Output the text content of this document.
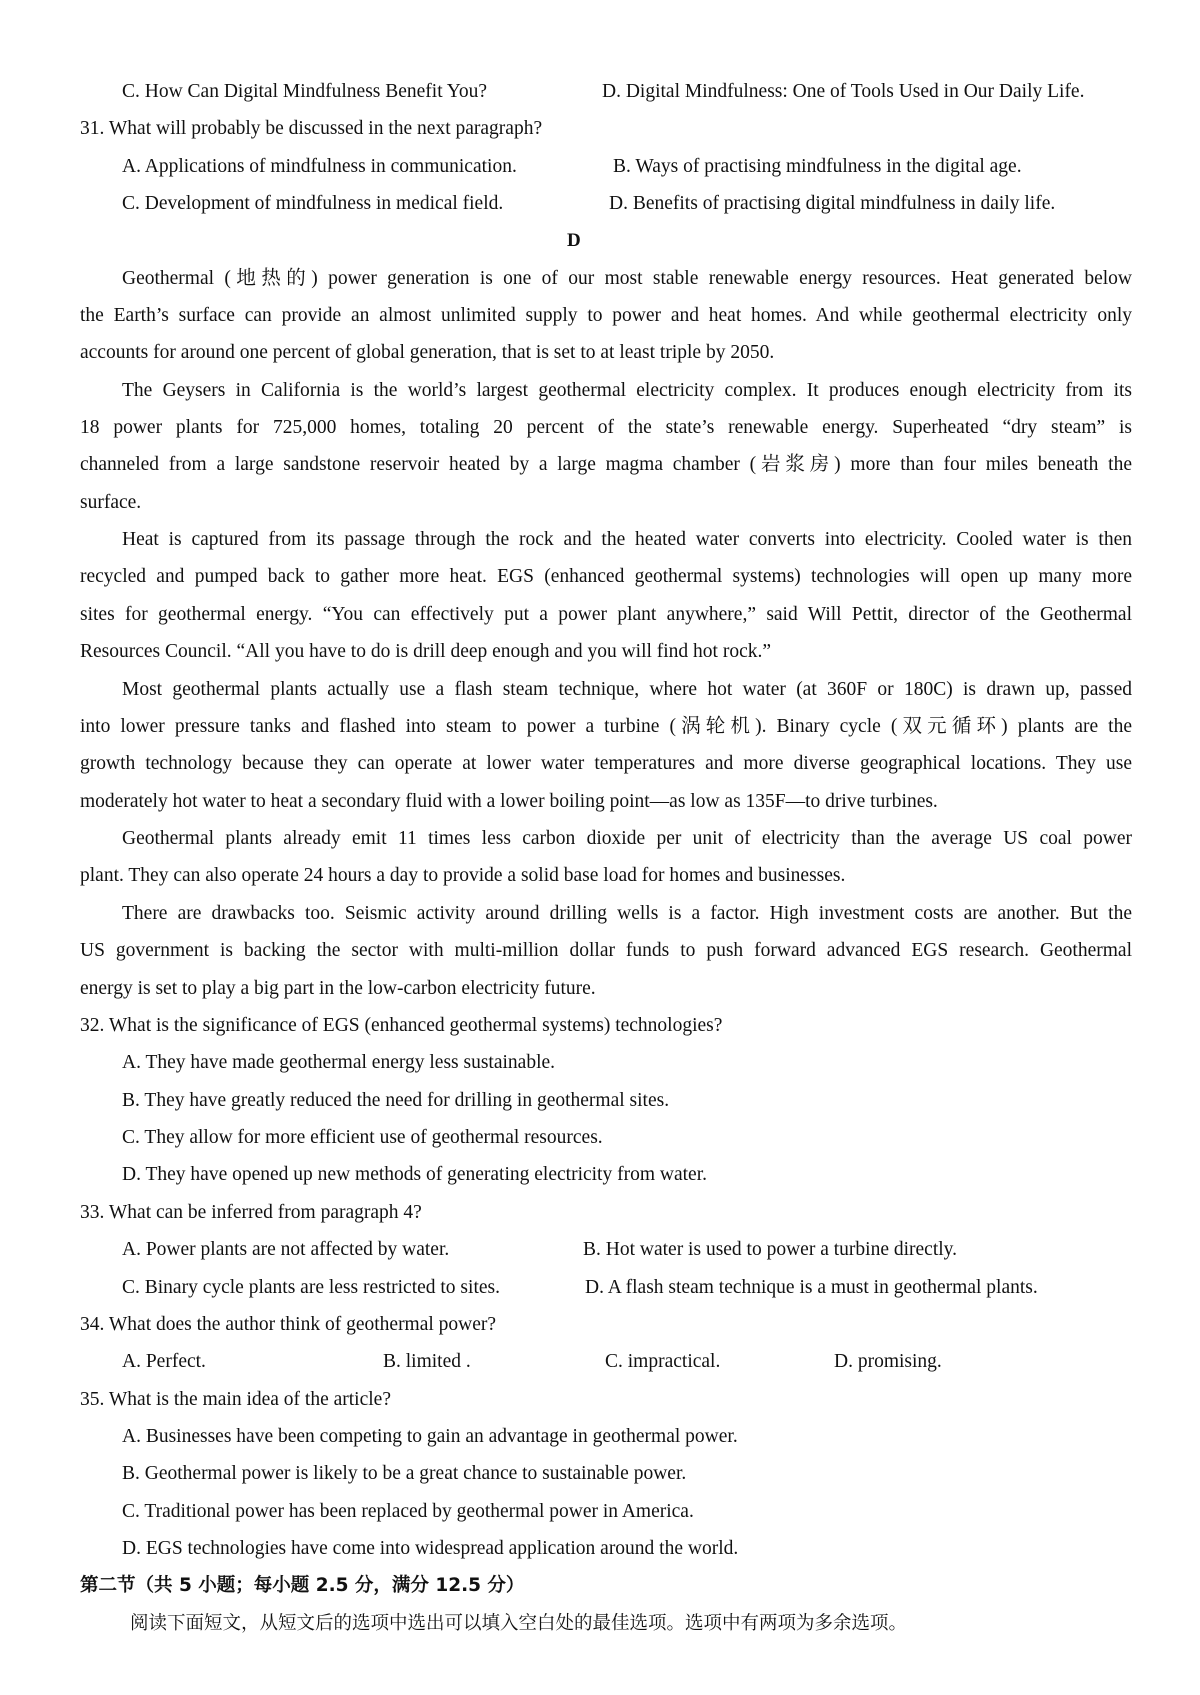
C. How Can Digital Mindfulness Benefit You?	D. Digital Mindfulness: One of Tools Used in Our Daily Life.
31. What will probably be discussed in the next paragraph?
A. Applications of mindfulness in communication.	B. Ways of practising mindfulness in the digital age.
C. Development of mindfulness in medical field.	D. Benefits of practising digital mindfulness in daily life.
D
Geothermal (地热的) power generation is one of our most stable renewable energy resources. Heat generated below
the Earth’s surface can provide an almost unlimited supply to power and heat homes. And while geothermal electricity only
accounts for around one percent of global generation, that is set to at least triple by 2050.
The Geysers in California is the world’s largest geothermal electricity complex. It produces enough electricity from its
18 power plants for 725,000 homes, totaling 20 percent of the state’s renewable energy. Superheated “dry steam” is
channeled from a large sandstone reservoir heated by a large magma chamber (岩浆房) more than four miles beneath the
surface.
Heat is captured from its passage through the rock and the heated water converts into electricity. Cooled water is then
recycled and pumped back to gather more heat. EGS (enhanced geothermal systems) technologies will open up many more
sites for geothermal energy. “You can effectively put a power plant anywhere,” said Will Pettit, director of the Geothermal
Resources Council. “All you have to do is drill deep enough and you will find hot rock.”
Most geothermal plants actually use a flash steam technique, where hot water (at 360F or 180C) is drawn up, passed
into lower pressure tanks and flashed into steam to power a turbine (涡轮机). Binary cycle (双元循环) plants are the
growth technology because they can operate at lower water temperatures and more diverse geographical locations. They use
moderately hot water to heat a secondary fluid with a lower boiling point—as low as 135F—to drive turbines.
Geothermal plants already emit 11 times less carbon dioxide per unit of electricity than the average US coal power
plant. They can also operate 24 hours a day to provide a solid base load for homes and businesses.
There are drawbacks too. Seismic activity around drilling wells is a factor. High investment costs are another. But the
US government is backing the sector with multi-million dollar funds to push forward advanced EGS research. Geothermal
energy is set to play a big part in the low-carbon electricity future.
32. What is the significance of EGS (enhanced geothermal systems) technologies?
A. They have made geothermal energy less sustainable.
B. They have greatly reduced the need for drilling in geothermal sites.
C. They allow for more efficient use of geothermal resources.
D. They have opened up new methods of generating electricity from water.
33. What can be inferred from paragraph 4?
A. Power plants are not affected by water.	B. Hot water is used to power a turbine directly.
C. Binary cycle plants are less restricted to sites.	D. A flash steam technique is a must in geothermal plants.
34. What does the author think of geothermal power?
A. Perfect.	B. limited .	C. impractical.	D. promising.
35. What is the main idea of the article?
A. Businesses have been competing to gain an advantage in geothermal power.
B. Geothermal power is likely to be a great chance to sustainable power.
C. Traditional power has been replaced by geothermal power in America.
D. EGS technologies have come into widespread application around the world.
第二节（共 5 小题；每小题 2.5 分，满分 12.5 分）
阅读下面短文，从短文后的选项中选出可以填入空白处的最佳选项。选项中有两项为多余选项。
